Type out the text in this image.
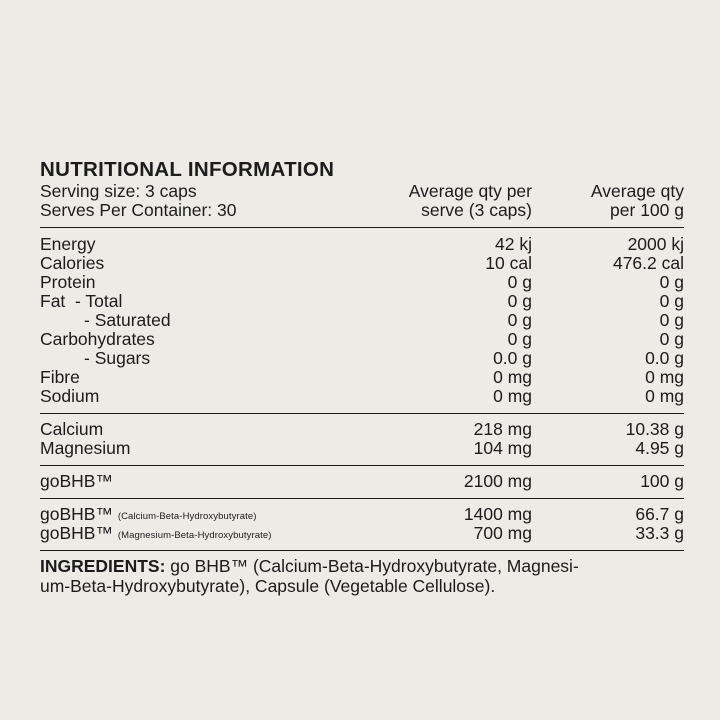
NUTRITIONAL INFORMATION
Serving size: 3 caps	Average qty per	Average qty
Serves Per Container: 30	serve (3 caps)	per 100 g
Energy	42 kj	2000 kj
Calories	10 cal	476.2 cal
Protein	0 g	0 g
Fat  - Total	0 g	0 g
- Saturated	0 g	0 g
Carbohydrates	0 g	0 g
- Sugars	0.0 g	0.0 g
Fibre	0 mg	0 mg
Sodium	0 mg	0 mg
Calcium	218 mg	10.38 g
Magnesium	104 mg	4.95 g
goBHB™	2100 mg	100 g
goBHB™ (Calcium-Beta-Hydroxybutyrate)	1400 mg	66.7 g
goBHB™ (Magnesium-Beta-Hydroxybutyrate)	700 mg	33.3 g
INGREDIENTS: go BHB™ (Calcium-Beta-Hydroxybutyrate, Magnesi-
um-Beta-Hydroxybutyrate), Capsule (Vegetable Cellulose).
